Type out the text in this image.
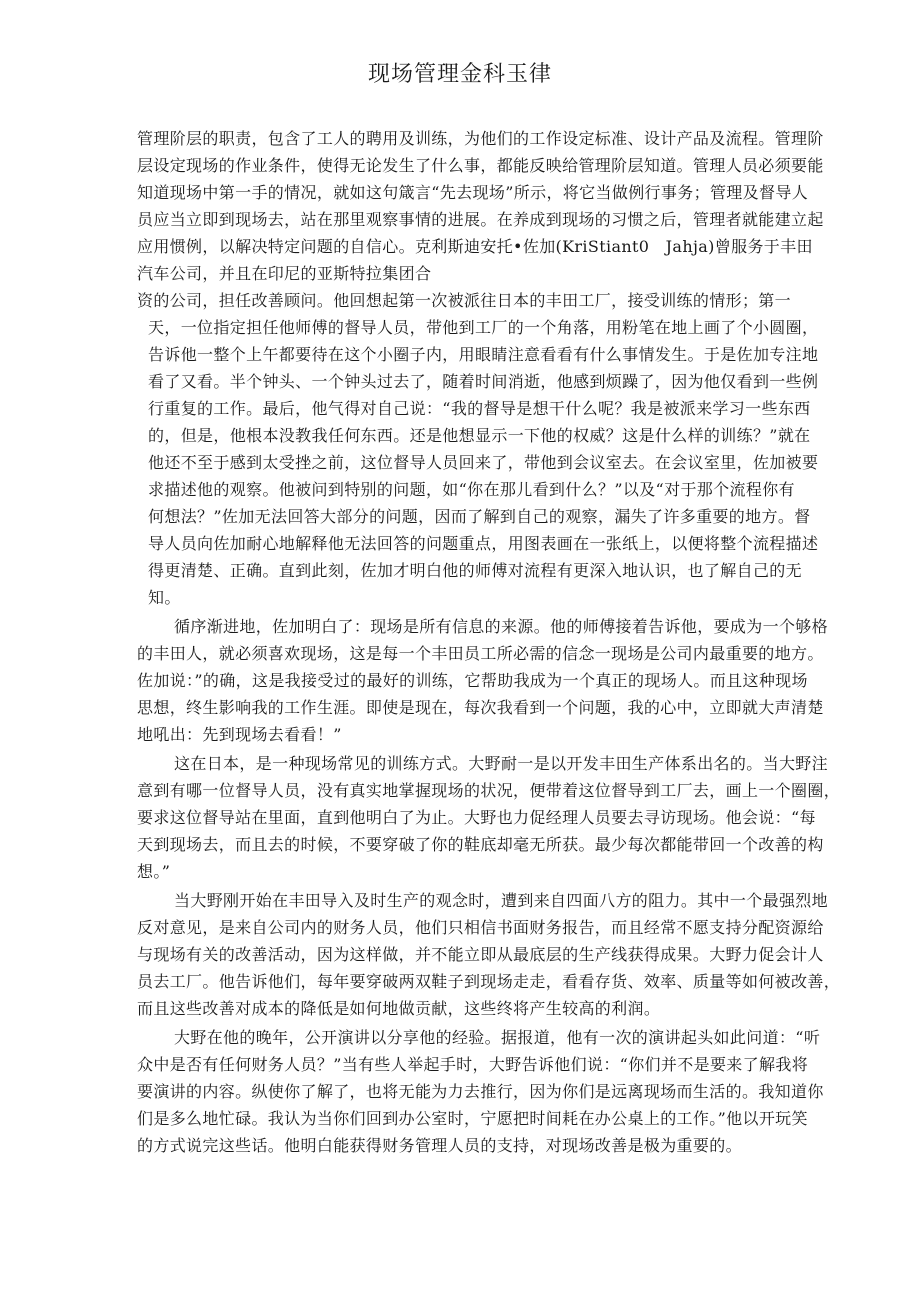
现场管理金科玉律
管理阶层的职责，包含了工人的聘用及训练，为他们的工作设定标准、设计产品及流程。管理阶
层设定现场的作业条件，使得无论发生了什么事，都能反映给管理阶层知道。管理人员必须要能
知道现场中第一手的情况，就如这句箴言“先去现场”所示，将它当做例行事务；管理及督导人
员应当立即到现场去，站在那里观察事情的进展。在养成到现场的习惯之后，管理者就能建立起
应用惯例，以解决特定问题的自信心。克利斯迪安托•佐加(KriStiant0　Jahja)曾服务于丰田
汽车公司，并且在印尼的亚斯特拉集团合
资的公司，担任改善顾问。他回想起第一次被派往日本的丰田工厂，接受训练的情形；第一
天，一位指定担任他师傅的督导人员，带他到工厂的一个角落，用粉笔在地上画了个小圆圈，
告诉他一整个上午都要待在这个小圈子内，用眼睛注意看看有什么事情发生。于是佐加专注地
看了又看。半个钟头、一个钟头过去了，随着时间消逝，他感到烦躁了，因为他仅看到一些例
行重复的工作。最后，他气得对自己说：“我的督导是想干什么呢？我是被派来学习一些东西
的，但是，他根本没教我任何东西。还是他想显示一下他的权威？这是什么样的训练？”就在
他还不至于感到太受挫之前，这位督导人员回来了，带他到会议室去。在会议室里，佐加被要
求描述他的观察。他被问到特别的问题，如“你在那儿看到什么？”以及“对于那个流程你有
何想法？”佐加无法回答大部分的问题，因而了解到自己的观察，漏失了许多重要的地方。督
导人员向佐加耐心地解释他无法回答的问题重点，用图表画在一张纸上，以便将整个流程描述
得更清楚、正确。直到此刻，佐加才明白他的师傅对流程有更深入地认识，也了解自己的无
知。
循序渐进地，佐加明白了：现场是所有信息的来源。他的师傅接着告诉他，要成为一个够格
的丰田人，就必须喜欢现场，这是每一个丰田员工所必需的信念一现场是公司内最重要的地方。
佐加说：”的确，这是我接受过的最好的训练，它帮助我成为一个真正的现场人。而且这种现场
思想，终生影响我的工作生涯。即使是现在，每次我看到一个问题，我的心中，立即就大声清楚
地吼出：先到现场去看看！”
这在日本，是一种现场常见的训练方式。大野耐一是以开发丰田生产体系出名的。当大野注
意到有哪一位督导人员，没有真实地掌握现场的状况，便带着这位督导到工厂去，画上一个圈圈，
要求这位督导站在里面，直到他明白了为止。大野也力促经理人员要去寻访现场。他会说：“每
天到现场去，而且去的时候，不要穿破了你的鞋底却毫无所获。最少每次都能带回一个改善的构
想。”
当大野刚开始在丰田导入及时生产的观念时，遭到来自四面八方的阻力。其中一个最强烈地
反对意见，是来自公司内的财务人员，他们只相信书面财务报告，而且经常不愿支持分配资源给
与现场有关的改善活动，因为这样做，并不能立即从最底层的生产线获得成果。大野力促会计人
员去工厂。他告诉他们，每年要穿破两双鞋子到现场走走，看看存货、效率、质量等如何被改善，
而且这些改善对成本的降低是如何地做贡献，这些终将产生较高的利润。
大野在他的晚年，公开演讲以分享他的经验。据报道，他有一次的演讲起头如此问道：“听
众中是否有任何财务人员？”当有些人举起手时，大野告诉他们说：“你们并不是要来了解我将
要演讲的内容。纵使你了解了，也将无能为力去推行，因为你们是远离现场而生活的。我知道你
们是多么地忙碌。我认为当你们回到办公室时，宁愿把时间耗在办公桌上的工作。”他以开玩笑
的方式说完这些话。他明白能获得财务管理人员的支持，对现场改善是极为重要的。
